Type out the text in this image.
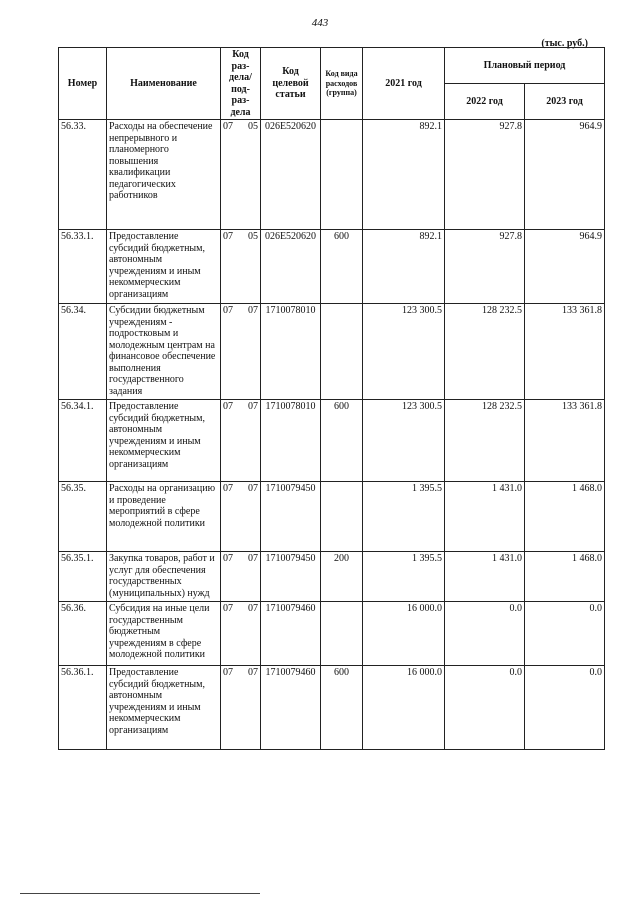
443
(тыс. руб.)
Номер	Наименование	Код раз-дела/ под-раз-дела	Код целевой статьи	Код вида расходов (группа)	2021 год	Плановый период	
						2022 год	2023 год
56.33.	Расходы на обеспечение непрерывного и планомерного повышения квалификации педагогических работников	07 05	026E520620		892.1	927.8	964.9
56.33.1.	Предоставление субсидий бюджетным, автономным учреждениям и иным некоммерческим организациям	07 05	026E520620	600	892.1	927.8	964.9
56.34.	Субсидии бюджетным учреждениям - подростковым и молодежным центрам на финансовое обеспечение выполнения государственного задания	07 07	1710078010		123 300.5	128 232.5	133 361.8
56.34.1.	Предоставление субсидий бюджетным, автономным учреждениям и иным некоммерческим организациям	07 07	1710078010	600	123 300.5	128 232.5	133 361.8
56.35.	Расходы на организацию и проведение мероприятий в сфере молодежной политики	07 07	1710079450		1 395.5	1 431.0	1 468.0
56.35.1.	Закупка товаров, работ и услуг для обеспечения государственных (муниципальных) нужд	07 07	1710079450	200	1 395.5	1 431.0	1 468.0
56.36.	Субсидия на иные цели государственным бюджетным учреждениям в сфере молодежной политики	07 07	1710079460		16 000.0	0.0	0.0
56.36.1.	Предоставление субсидий бюджетным, автономным учреждениям и иным некоммерческим организациям	07 07	1710079460	600	16 000.0	0.0	0.0
